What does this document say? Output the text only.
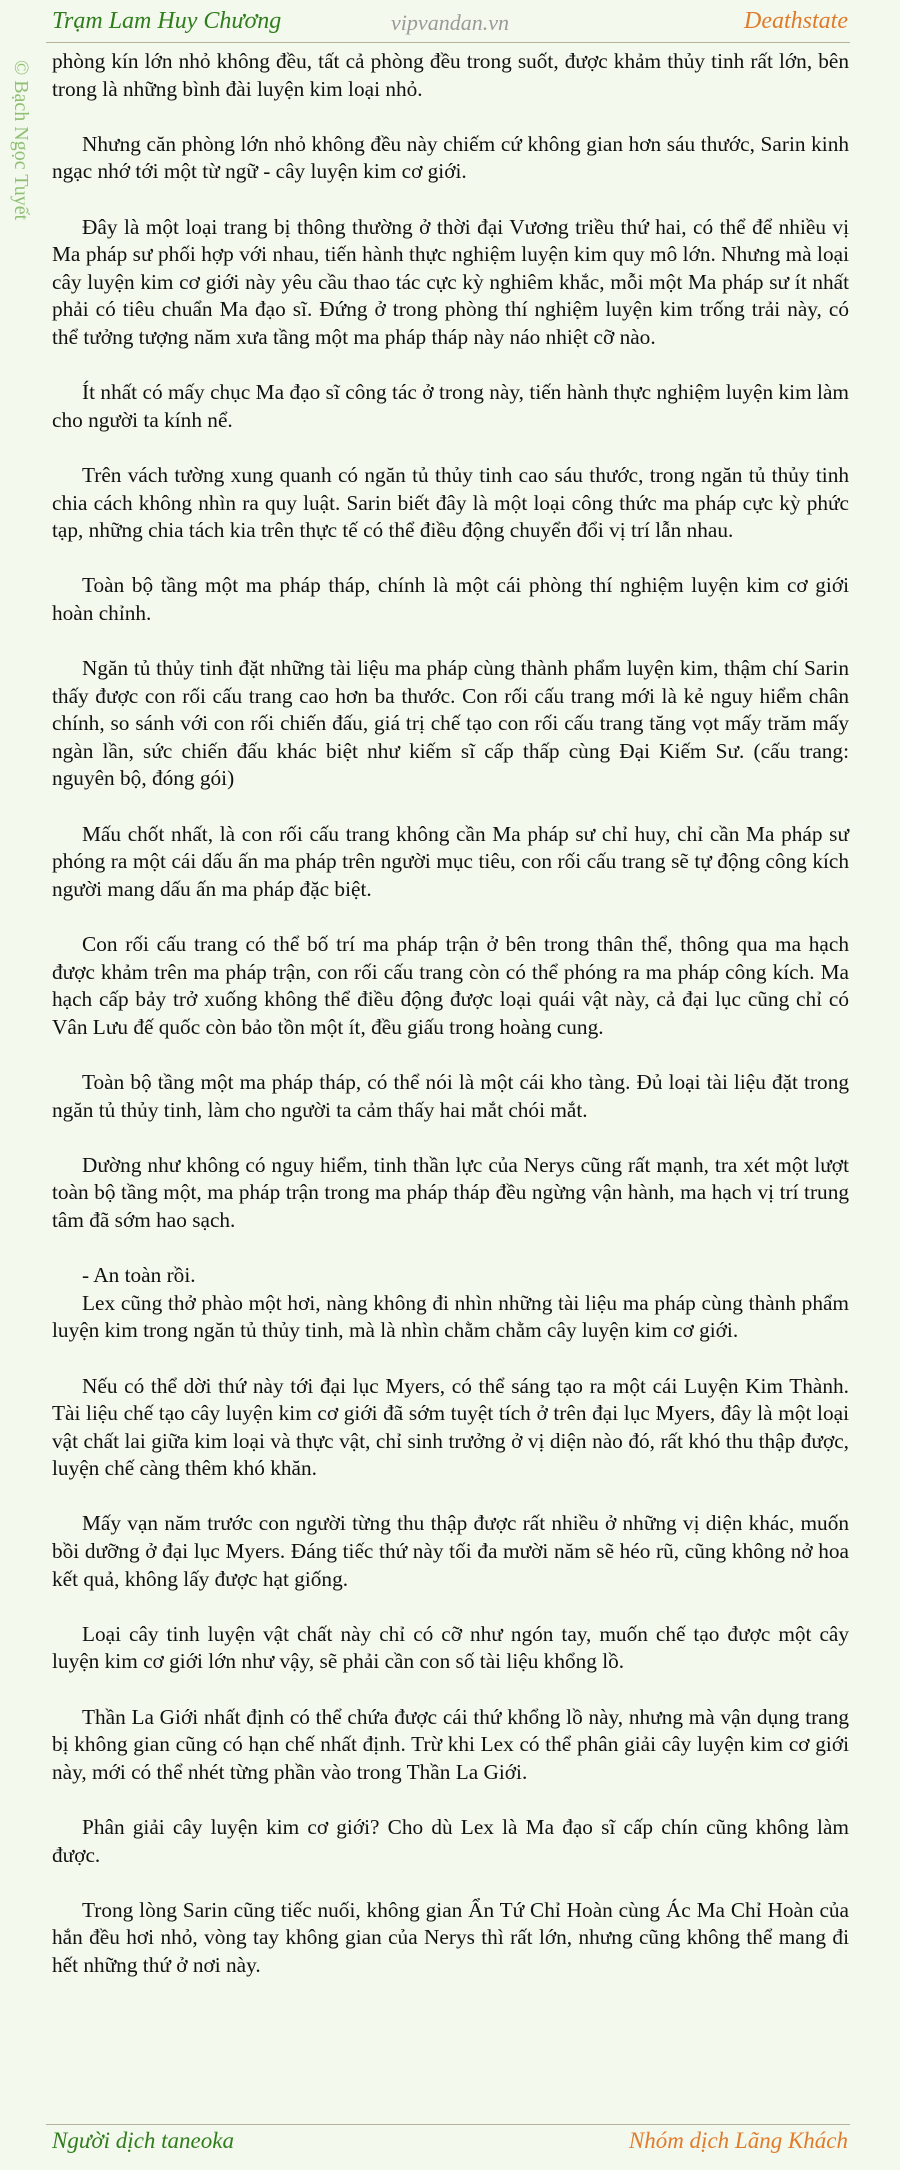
Trạm Lam Huy Chương	vipvandan.vn	Deathstate
© Bạch Ngọc Tuyết phòng kín lớn nhỏ không đều, tất cả phòng đều trong suốt, được khảm thủy tinh rất lớn, bên trong là những bình đài luyện kim loại nhỏ.

Nhưng căn phòng lớn nhỏ không đều này chiếm cứ không gian hơn sáu thước, Sarin kinh ngạc nhớ tới một từ ngữ - cây luyện kim cơ giới.

Đây là một loại trang bị thông thường ở thời đại Vương triều thứ hai, có thể để nhiều vị Ma pháp sư phối hợp với nhau, tiến hành thực nghiệm luyện kim quy mô lớn. Nhưng mà loại cây luyện kim cơ giới này yêu cầu thao tác cực kỳ nghiêm khắc, mỗi một Ma pháp sư ít nhất phải có tiêu chuẩn Ma đạo sĩ. Đứng ở trong phòng thí nghiệm luyện kim trống trải này, có thể tưởng tượng năm xưa tầng một ma pháp tháp này náo nhiệt cỡ nào.

Ít nhất có mấy chục Ma đạo sĩ công tác ở trong này, tiến hành thực nghiệm luyện kim làm cho người ta kính nể.

Trên vách tường xung quanh có ngăn tủ thủy tinh cao sáu thước, trong ngăn tủ thủy tinh chia cách không nhìn ra quy luật. Sarin biết đây là một loại công thức ma pháp cực kỳ phức tạp, những chia tách kia trên thực tế có thể điều động chuyển đổi vị trí lẫn nhau.

Toàn bộ tầng một ma pháp tháp, chính là một cái phòng thí nghiệm luyện kim cơ giới hoàn chỉnh.

Ngăn tủ thủy tinh đặt những tài liệu ma pháp cùng thành phẩm luyện kim, thậm chí Sarin thấy được con rối cấu trang cao hơn ba thước. Con rối cấu trang mới là kẻ nguy hiểm chân chính, so sánh với con rối chiến đấu, giá trị chế tạo con rối cấu trang tăng vọt mấy trăm mấy ngàn lần, sức chiến đấu khác biệt như kiếm sĩ cấp thấp cùng Đại Kiếm Sư. (cấu trang: nguyên bộ, đóng gói)

Mấu chốt nhất, là con rối cấu trang không cần Ma pháp sư chỉ huy, chỉ cần Ma pháp sư phóng ra một cái dấu ấn ma pháp trên người mục tiêu, con rối cấu trang sẽ tự động công kích người mang dấu ấn ma pháp đặc biệt.

Con rối cấu trang có thể bố trí ma pháp trận ở bên trong thân thể, thông qua ma hạch được khảm trên ma pháp trận, con rối cấu trang còn có thể phóng ra ma pháp công kích. Ma hạch cấp bảy trở xuống không thể điều động được loại quái vật này, cả đại lục cũng chỉ có Vân Lưu đế quốc còn bảo tồn một ít, đều giấu trong hoàng cung.

Toàn bộ tầng một ma pháp tháp, có thể nói là một cái kho tàng. Đủ loại tài liệu đặt trong ngăn tủ thủy tinh, làm cho người ta cảm thấy hai mắt chói mắt.

Dường như không có nguy hiểm, tinh thần lực của Nerys cũng rất mạnh, tra xét một lượt toàn bộ tầng một, ma pháp trận trong ma pháp tháp đều ngừng vận hành, ma hạch vị trí trung tâm đã sớm hao sạch.

- An toàn rồi.

Lex cũng thở phào một hơi, nàng không đi nhìn những tài liệu ma pháp cùng thành phẩm luyện kim trong ngăn tủ thủy tinh, mà là nhìn chằm chằm cây luyện kim cơ giới.

Nếu có thể dời thứ này tới đại lục Myers, có thể sáng tạo ra một cái Luyện Kim Thành. Tài liệu chế tạo cây luyện kim cơ giới đã sớm tuyệt tích ở trên đại lục Myers, đây là một loại vật chất lai giữa kim loại và thực vật, chỉ sinh trưởng ở vị diện nào đó, rất khó thu thập được, luyện chế càng thêm khó khăn.

Mấy vạn năm trước con người từng thu thập được rất nhiều ở những vị diện khác, muốn bồi dưỡng ở đại lục Myers. Đáng tiếc thứ này tối đa mười năm sẽ héo rũ, cũng không nở hoa kết quả, không lấy được hạt giống.

Loại cây tinh luyện vật chất này chỉ có cỡ như ngón tay, muốn chế tạo được một cây luyện kim cơ giới lớn như vậy, sẽ phải cần con số tài liệu khổng lồ.

Thần La Giới nhất định có thể chứa được cái thứ khổng lồ này, nhưng mà vận dụng trang bị không gian cũng có hạn chế nhất định. Trừ khi Lex có thể phân giải cây luyện kim cơ giới này, mới có thể nhét từng phần vào trong Thần La Giới.

Phân giải cây luyện kim cơ giới? Cho dù Lex là Ma đạo sĩ cấp chín cũng không làm được.

Trong lòng Sarin cũng tiếc nuối, không gian Ẩn Tứ Chỉ Hoàn cùng Ác Ma Chỉ Hoàn của hắn đều hơi nhỏ, vòng tay không gian của Nerys thì rất lớn, nhưng cũng không thể mang đi hết những thứ ở nơi này.

Người dịch taneoka	Nhóm dịch Lãng Khách
